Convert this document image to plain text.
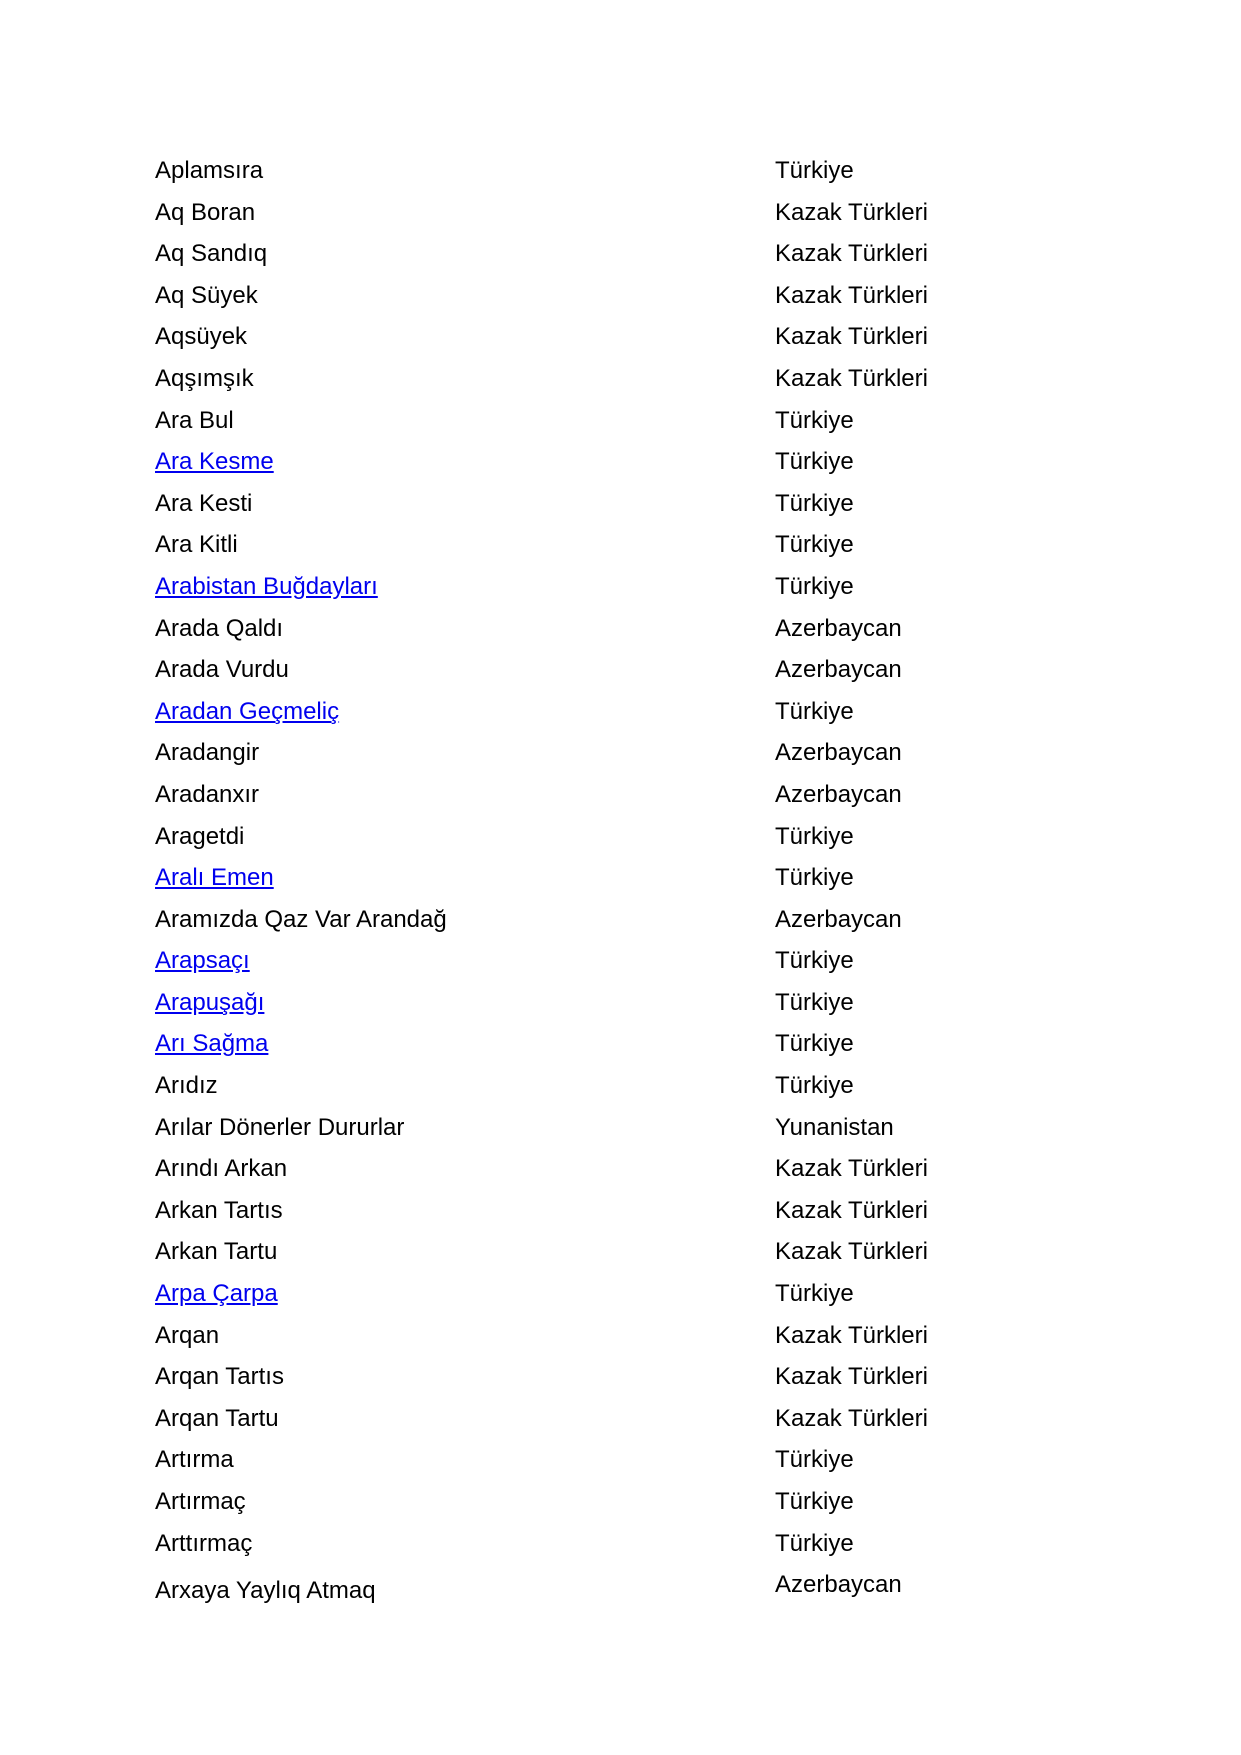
Aplamsıra	Türkiye
Aq Boran	Kazak Türkleri
Aq Sandıq	Kazak Türkleri
Aq Süyek	Kazak Türkleri
Aqsüyek	Kazak Türkleri
Aqşımşık	Kazak Türkleri
Ara Bul	Türkiye
Ara Kesme	Türkiye
Ara Kesti	Türkiye
Ara Kitli	Türkiye
Arabistan Buğdayları	Türkiye
Arada Qaldı	Azerbaycan
Arada Vurdu	Azerbaycan
Aradan Geçmeliç	Türkiye
Aradangir	Azerbaycan
Aradanxır	Azerbaycan
Aragetdi	Türkiye
Aralı Emen	Türkiye
Aramızda Qaz Var Arandağ	Azerbaycan
Arapsaçı	Türkiye
Arapuşağı	Türkiye
Arı Sağma	Türkiye
Arıdız	Türkiye
Arılar Dönerler Dururlar	Yunanistan
Arındı Arkan	Kazak Türkleri
Arkan Tartıs	Kazak Türkleri
Arkan Tartu	Kazak Türkleri
Arpa Çarpa	Türkiye
Arqan	Kazak Türkleri
Arqan Tartıs	Kazak Türkleri
Arqan Tartu	Kazak Türkleri
Artırma	Türkiye
Artırmaç	Türkiye
Arttırmaç	Türkiye
Arxaya Yaylıq Atmaq	Azerbaycan
